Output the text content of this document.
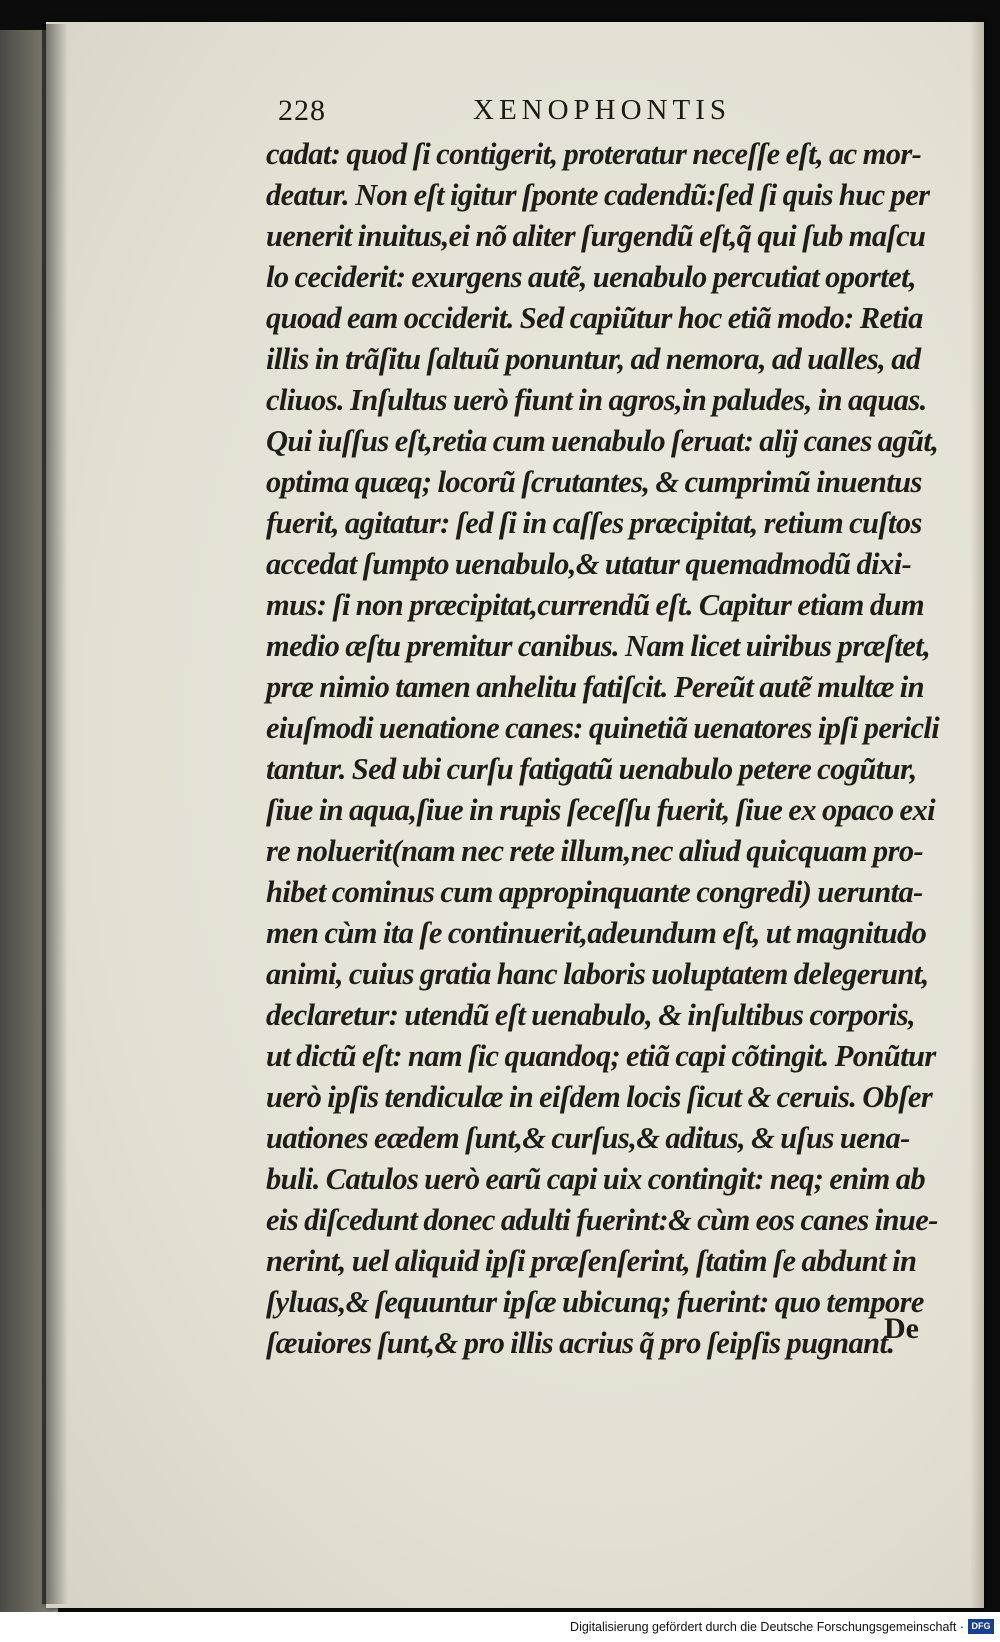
228	XENOPHONTIS
cadat: quod ſi contigerit, proteratur neceſſe eſt, ac mor-
deatur. Non eſt igitur ſponte cadendũ:ſed ſi quis huc per
uenerit inuitus,ei nõ aliter ſurgendũ eſt,q̃ qui ſub maſcu
lo ceciderit: exurgens autẽ, uenabulo percutiat oportet,
quoad eam occiderit. Sed capiũtur hoc etiã modo: Retia
illis in trãſitu ſaltuũ ponuntur, ad nemora, ad ualles, ad
cliuos. Inſultus uerò fiunt in agros,in paludes, in aquas.
Qui iuſſus eſt,retia cum uenabulo ſeruat: alij canes agũt,
optima quæq; locorũ ſcrutantes, & cumprimũ inuentus
fuerit, agitatur: ſed ſi in caſſes præcipitat, retium cuſtos
accedat ſumpto uenabulo,& utatur quemadmodũ dixi-
mus: ſi non præcipitat,currendũ eſt. Capitur etiam dum
medio æſtu premitur canibus. Nam licet uiribus præſtet,
præ nimio tamen anhelitu fatiſcit. Pereũt autẽ multæ in
eiuſmodi uenatione canes: quinetiã uenatores ipſi pericli
tantur. Sed ubi curſu fatigatũ uenabulo petere cogũtur,
ſiue in aqua,ſiue in rupis ſeceſſu fuerit, ſiue ex opaco exi
re noluerit(nam nec rete illum,nec aliud quicquam pro-
hibet cominus cum appropinquante congredi) ueruntа-
men cùm ita ſe continuerit,adeundum eſt, ut magnitudo
animi, cuius gratia hanc laboris uoluptatem delegerunt,
declaretur: utendũ eſt uenabulo, & inſultibus corporis,
ut dictũ eſt: nam ſic quandoq; etiã capi cõtingit. Ponũtur
uerò ipſis tendiculæ in eiſdem locis ſicut & ceruis. Obſer
uationes eædem ſunt,& curſus,& aditus, & uſus uena-
buli. Catulos uerò earũ capi uix contingit: neq; enim ab
eis diſcedunt donec adulti fuerint:& cùm eos canes inue-
nerint, uel aliquid ipſi præſenſerint, ſtatim ſe abdunt in
ſyluas,& ſequuntur ipſæ ubicunq; fuerint: quo tempore
ſæuiores ſunt,& pro illis acrius q̃ pro ſeipſis pugnant.
De
Digitalisierung gefördert durch die Deutsche Forschungsgemeinschaft · DFG
